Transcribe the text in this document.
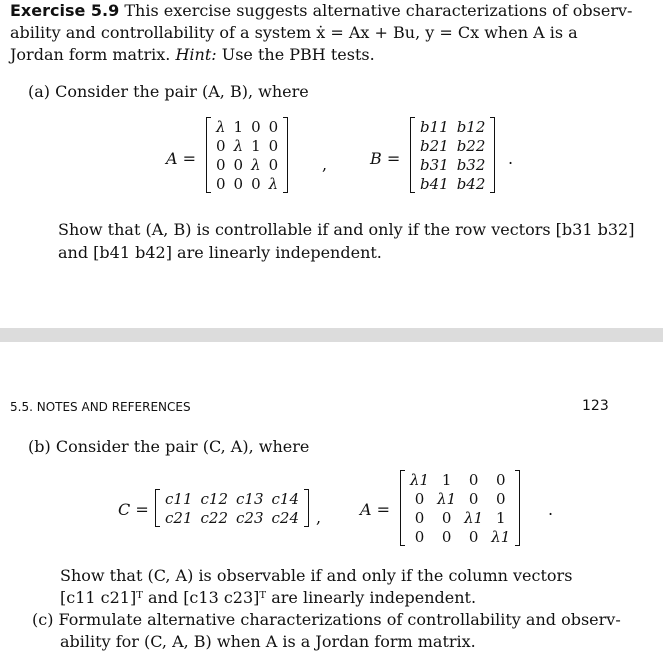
Exercise 5.9 This exercise suggests alternative characterizations of observ-
ability and controllability of a system ẋ = Ax + Bu, y = Cx when A is a
Jordan form matrix. Hint: Use the PBH tests.
(a) Consider the pair (A, B), where
A =
λ	1	0	0
0	λ	1	0
0	0	λ	0
0	0	0	λ
,	B =
b11	b12
b21	b22
b31	b32
b41	b42
.
Show that (A, B) is controllable if and only if the row vectors [b31 b32]
and [b41 b42] are linearly independent.
5.5. NOTES AND REFERENCES	123
(b) Consider the pair (C, A), where
C =
c11	c12	c13	c14
c21	c22	c23	c24 , A =
λ1	1	0	0
0	λ1	0	0
0	0	λ1	1
0	0	0	λ1
.
Show that (C, A) is observable if and only if the column vectors
[c11 c21]ᵀ and [c13 c23]ᵀ are linearly independent.
(c) Formulate alternative characterizations of controllability and observ-
ability for (C, A, B) when A is a Jordan form matrix.
